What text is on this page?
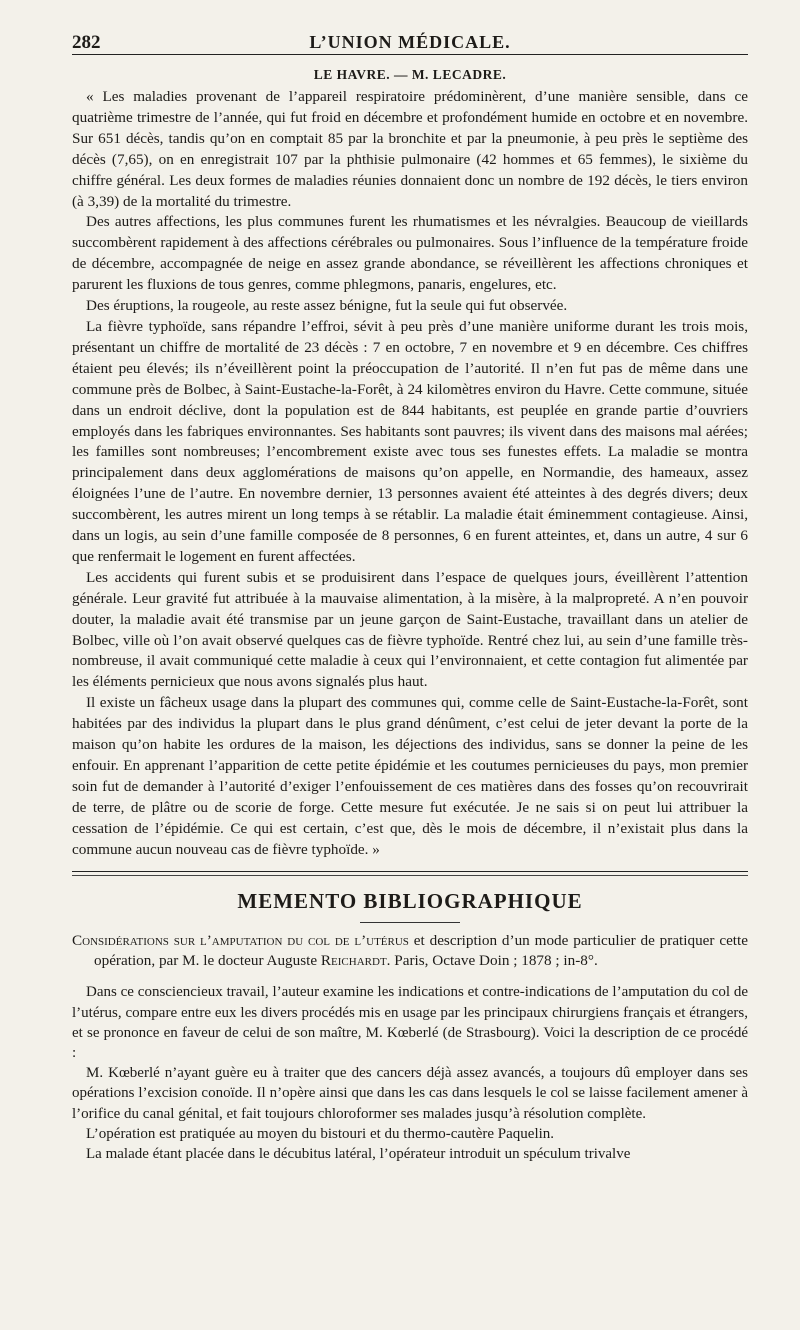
282	L’UNION MÉDICALE.
LE HAVRE. — M. LECADRE.

« Les maladies provenant de l’appareil respiratoire prédominèrent, d’une manière sensible, dans ce quatrième trimestre de l’année, qui fut froid en décembre et profondément humide en octobre et en novembre. Sur 651 décès, tandis qu’on en comptait 85 par la bronchite et par la pneumonie, à peu près le septième des décès (7,65), on en enregistrait 107 par la phthisie pulmonaire (42 hommes et 65 femmes), le sixième du chiffre général. Les deux formes de maladies réunies donnaient donc un nombre de 192 décès, le tiers environ (à 3,39) de la mortalité du trimestre.

Des autres affections, les plus communes furent les rhumatismes et les névralgies. Beaucoup de vieillards succombèrent rapidement à des affections cérébrales ou pulmonaires. Sous l’influence de la température froide de décembre, accompagnée de neige en assez grande abondance, se réveillèrent les affections chroniques et parurent les fluxions de tous genres, comme phlegmons, panaris, engelures, etc.

Des éruptions, la rougeole, au reste assez bénigne, fut la seule qui fut observée.

La fièvre typhoïde, sans répandre l’effroi, sévit à peu près d’une manière uniforme durant les trois mois, présentant un chiffre de mortalité de 23 décès : 7 en octobre, 7 en novembre et 9 en décembre. Ces chiffres étaient peu élevés; ils n’éveillèrent point la préoccupation de l’autorité. Il n’en fut pas de même dans une commune près de Bolbec, à Saint-Eustache-la-Forêt, à 24 kilomètres environ du Havre. Cette commune, située dans un endroit déclive, dont la population est de 844 habitants, est peuplée en grande partie d’ouvriers employés dans les fabriques environnantes. Ses habitants sont pauvres; ils vivent dans des maisons mal aérées; les familles sont nombreuses; l’encombrement existe avec tous ses funestes effets. La maladie se montra principalement dans deux agglomérations de maisons qu’on appelle, en Normandie, des hameaux, assez éloignées l’une de l’autre. En novembre dernier, 13 personnes avaient été atteintes à des degrés divers; deux succombèrent, les autres mirent un long temps à se rétablir. La maladie était éminemment contagieuse. Ainsi, dans un logis, au sein d’une famille composée de 8 personnes, 6 en furent atteintes, et, dans un autre, 4 sur 6 que renfermait le logement en furent affectées.

Les accidents qui furent subis et se produisirent dans l’espace de quelques jours, éveillèrent l’attention générale. Leur gravité fut attribuée à la mauvaise alimentation, à la misère, à la malpropreté. A n’en pouvoir douter, la maladie avait été transmise par un jeune garçon de Saint-Eustache, travaillant dans un atelier de Bolbec, ville où l’on avait observé quelques cas de fièvre typhoïde. Rentré chez lui, au sein d’une famille très-nombreuse, il avait communiqué cette maladie à ceux qui l’environnaient, et cette contagion fut alimentée par les éléments pernicieux que nous avons signalés plus haut.

Il existe un fâcheux usage dans la plupart des communes qui, comme celle de Saint-Eustache-la-Forêt, sont habitées par des individus la plupart dans le plus grand dénûment, c’est celui de jeter devant la porte de la maison qu’on habite les ordures de la maison, les déjections des individus, sans se donner la peine de les enfouir. En apprenant l’apparition de cette petite épidémie et les coutumes pernicieuses du pays, mon premier soin fut de demander à l’autorité d’exiger l’enfouissement de ces matières dans des fosses qu’on recouvrirait de terre, de plâtre ou de scorie de forge. Cette mesure fut exécutée. Je ne sais si on peut lui attribuer la cessation de l’épidémie. Ce qui est certain, c’est que, dès le mois de décembre, il n’existait plus dans la commune aucun nouveau cas de fièvre typhoïde. »

MEMENTO BIBLIOGRAPHIQUE

Considérations sur l’amputation du col de l’utérus et description d’un mode particulier de pratiquer cette opération, par M. le docteur Auguste Reichardt. Paris, Octave Doin ; 1878 ; in-8°.

Dans ce consciencieux travail, l’auteur examine les indications et contre-indications de l’amputation du col de l’utérus, compare entre eux les divers procédés mis en usage par les principaux chirurgiens français et étrangers, et se prononce en faveur de celui de son maître, M. Kœberlé (de Strasbourg). Voici la description de ce procédé :

M. Kœberlé n’ayant guère eu à traiter que des cancers déjà assez avancés, a toujours dû employer dans ses opérations l’excision conoïde. Il n’opère ainsi que dans les cas dans lesquels le col se laisse facilement amener à l’orifice du canal génital, et fait toujours chloroformer ses malades jusqu’à résolution complète.

L’opération est pratiquée au moyen du bistouri et du thermo-cautère Paquelin.

La malade étant placée dans le décubitus latéral, l’opérateur introduit un spéculum trivalve
